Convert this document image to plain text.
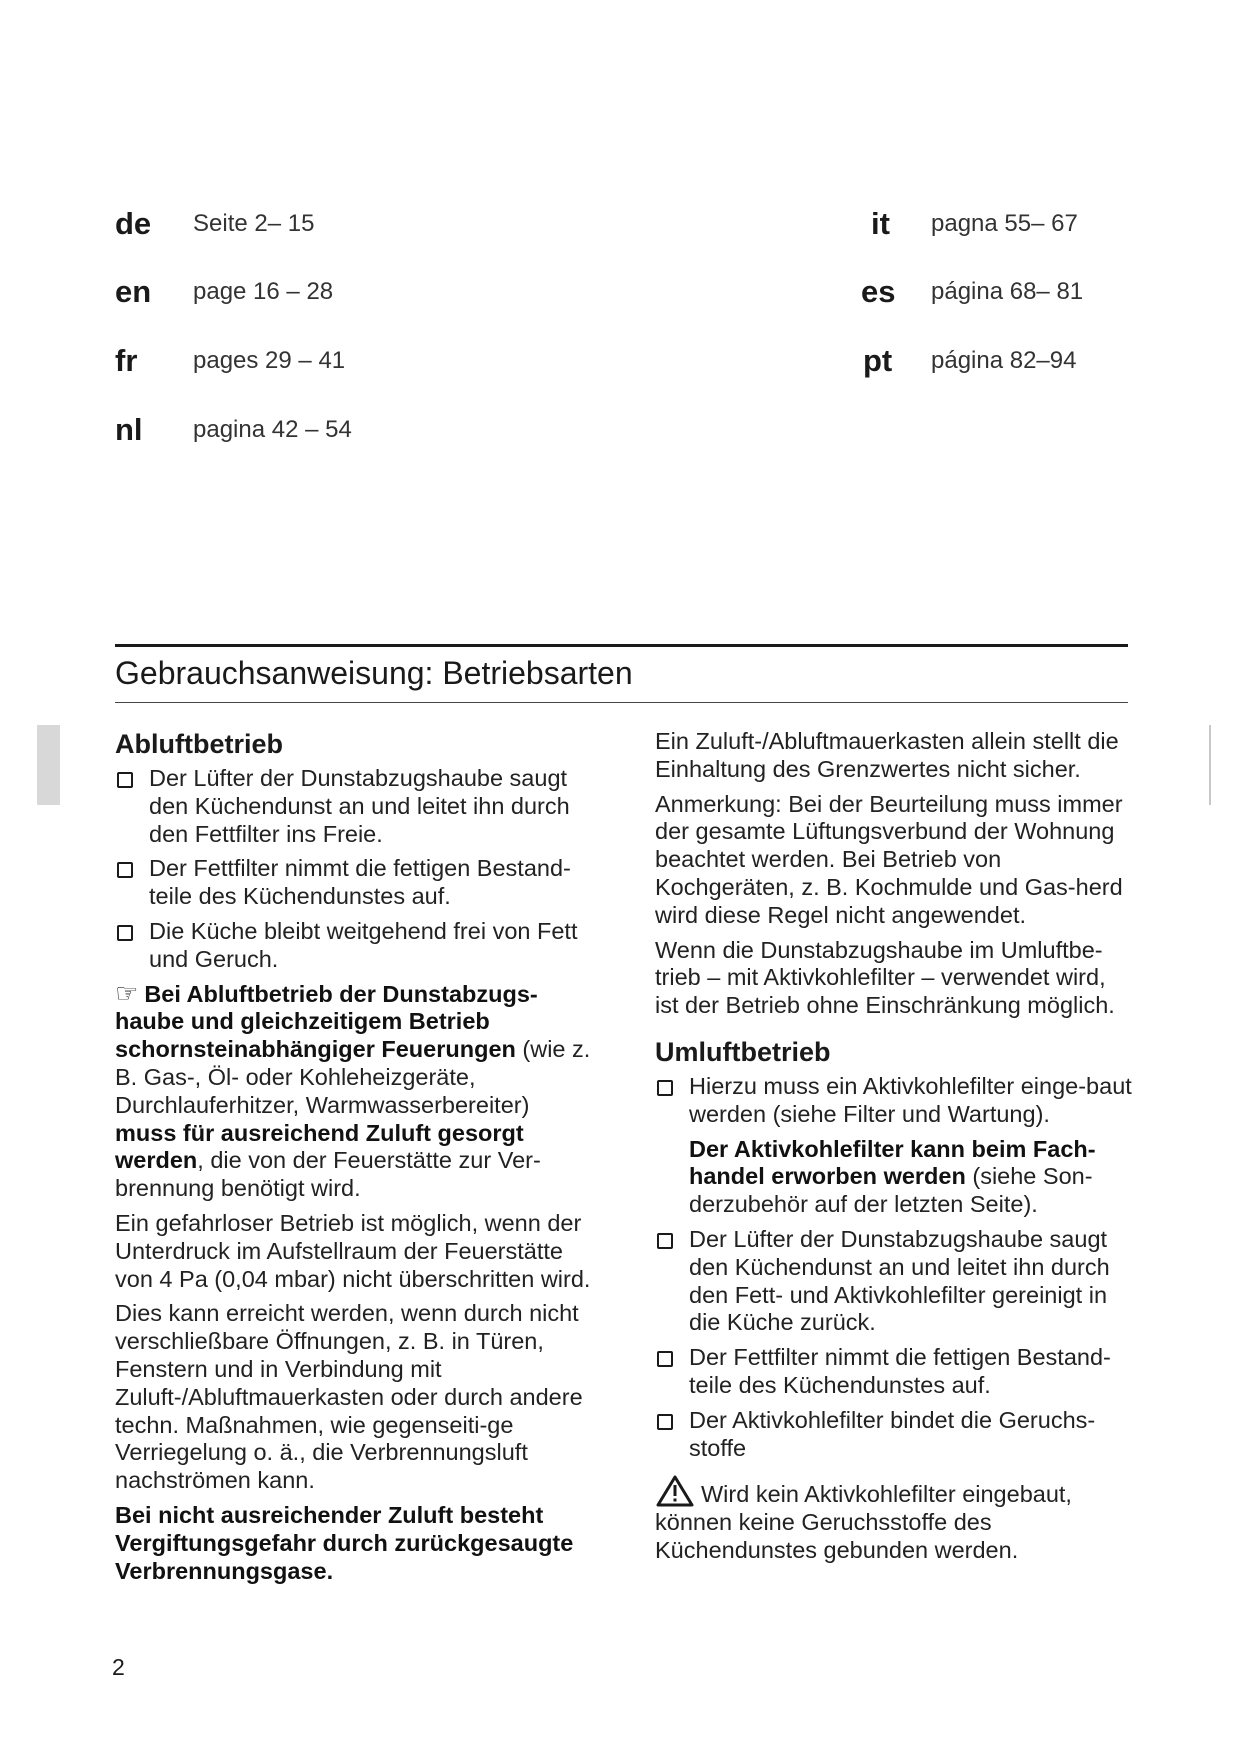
de Seite 2– 15
en page 16 – 28
fr pages 29 – 41
nl pagina 42 – 54
it pagna 55– 67
es página 68– 81
pt página 82–94
Gebrauchsanweisung: Betriebsarten
Abluftbetrieb
Der Lüfter der Dunstabzugshaube saugt den Küchendunst an und leitet ihn durch den Fettfilter ins Freie.
Der Fettfilter nimmt die fettigen Bestand-teile des Küchendunstes auf.
Die Küche bleibt weitgehend frei von Fett und Geruch.

☞ Bei Abluftbetrieb der Dunstabzugs-haube und gleichzeitigem Betrieb schornsteinabhängiger Feuerungen (wie z. B. Gas-, Öl- oder Kohleheizgeräte, Durchlauferhitzer, Warmwasserbereiter) muss für ausreichend Zuluft gesorgt werden, die von der Feuerstätte zur Ver-brennung benötigt wird.

Ein gefahrloser Betrieb ist möglich, wenn der Unterdruck im Aufstellraum der Feuerstätte von 4 Pa (0,04 mbar) nicht überschritten wird.

Dies kann erreicht werden, wenn durch nicht verschließbare Öffnungen, z. B. in Türen, Fenstern und in Verbindung mit Zuluft-/Abluftmauerkasten oder durch andere techn. Maßnahmen, wie gegenseiti-ge Verriegelung o. ä., die Verbrennungsluft nachströmen kann.

Bei nicht ausreichender Zuluft besteht Vergiftungsgefahr durch zurückgesaugte Verbrennungsgase.

Ein Zuluft-/Abluftmauerkasten allein stellt die Einhaltung des Grenzwertes nicht sicher.

Anmerkung: Bei der Beurteilung muss immer der gesamte Lüftungsverbund der Wohnung beachtet werden. Bei Betrieb von Kochgeräten, z. B. Kochmulde und Gas-herd wird diese Regel nicht angewendet.

Wenn die Dunstabzugshaube im Umluftbe-trieb – mit Aktivkohlefilter – verwendet wird, ist der Betrieb ohne Einschränkung möglich.

Umluftbetrieb
Hierzu muss ein Aktivkohlefilter einge-baut werden (siehe Filter und Wartung).

Der Aktivkohlefilter kann beim Fach-handel erworben werden (siehe Son-derzubehör auf der letzten Seite).

Der Lüfter der Dunstabzugshaube saugt den Küchendunst an und leitet ihn durch den Fett- und Aktivkohlefilter gereinigt in die Küche zurück.
Der Fettfilter nimmt die fettigen Bestand-teile des Küchendunstes auf.
Der Aktivkohlefilter bindet die Geruchs-stoffe

Wird kein Aktivkohlefilter eingebaut, können keine Geruchsstoffe des Küchendunstes gebunden werden.

2
